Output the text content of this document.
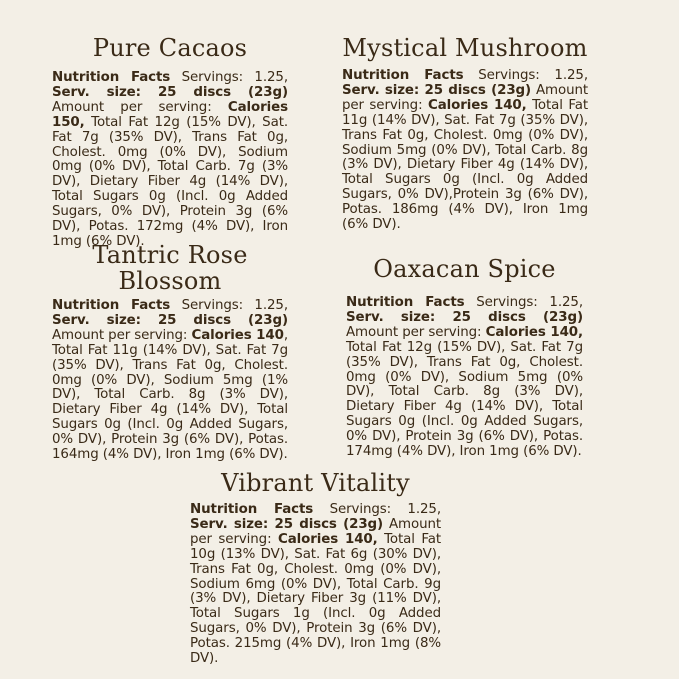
Pure Cacaos
Nutrition Facts Servings: 1.25, Serv. size: 25 discs (23g) Amount per serving: Calories 150, Total Fat 12g (15% DV), Sat. Fat 7g (35% DV), Trans Fat 0g, Cholest. 0mg (0% DV), Sodium 0mg (0% DV), Total Carb. 7g (3% DV), Dietary Fiber 4g (14% DV), Total Sugars 0g (Incl. 0g Added Sugars, 0% DV), Protein 3g (6% DV), Potas. 172mg (4% DV), Iron 1mg (6% DV).
Mystical Mushroom
Nutrition Facts Servings: 1.25, Serv. size: 25 discs (23g) Amount per serving: Calories 140, Total Fat 11g (14% DV), Sat. Fat 7g (35% DV), Trans Fat 0g, Cholest. 0mg (0% DV), Sodium 5mg (0% DV), Total Carb. 8g (3% DV), Dietary Fiber 4g (14% DV), Total Sugars 0g (Incl. 0g Added Sugars, 0% DV),Protein 3g (6% DV), Potas. 186mg (4% DV), Iron 1mg (6% DV).
Tantric Rose Blossom
Nutrition Facts Servings: 1.25, Serv. size: 25 discs (23g) Amount per serving: Calories 140, Total Fat 11g (14% DV), Sat. Fat 7g (35% DV), Trans Fat 0g, Cholest. 0mg (0% DV), Sodium 5mg (1% DV), Total Carb. 8g (3% DV), Dietary Fiber 4g (14% DV), Total Sugars 0g (Incl. 0g Added Sugars, 0% DV), Protein 3g (6% DV), Potas. 164mg (4% DV), Iron 1mg (6% DV).
Oaxacan Spice
Nutrition Facts Servings: 1.25, Serv. size: 25 discs (23g) Amount per serving: Calories 140, Total Fat 12g (15% DV), Sat. Fat 7g (35% DV), Trans Fat 0g, Cholest. 0mg (0% DV), Sodium 5mg (0% DV), Total Carb. 8g (3% DV), Dietary Fiber 4g (14% DV), Total Sugars 0g (Incl. 0g Added Sugars, 0% DV), Protein 3g (6% DV), Potas. 174mg (4% DV), Iron 1mg (6% DV).
Vibrant Vitality
Nutrition Facts Servings: 1.25, Serv. size: 25 discs (23g) Amount per serving: Calories 140, Total Fat 10g (13% DV), Sat. Fat 6g (30% DV), Trans Fat 0g, Cholest. 0mg (0% DV), Sodium 6mg (0% DV), Total Carb. 9g (3% DV), Dietary Fiber 3g (11% DV), Total Sugars 1g (Incl. 0g Added Sugars, 0% DV), Protein 3g (6% DV), Potas. 215mg (4% DV), Iron 1mg (8% DV).
